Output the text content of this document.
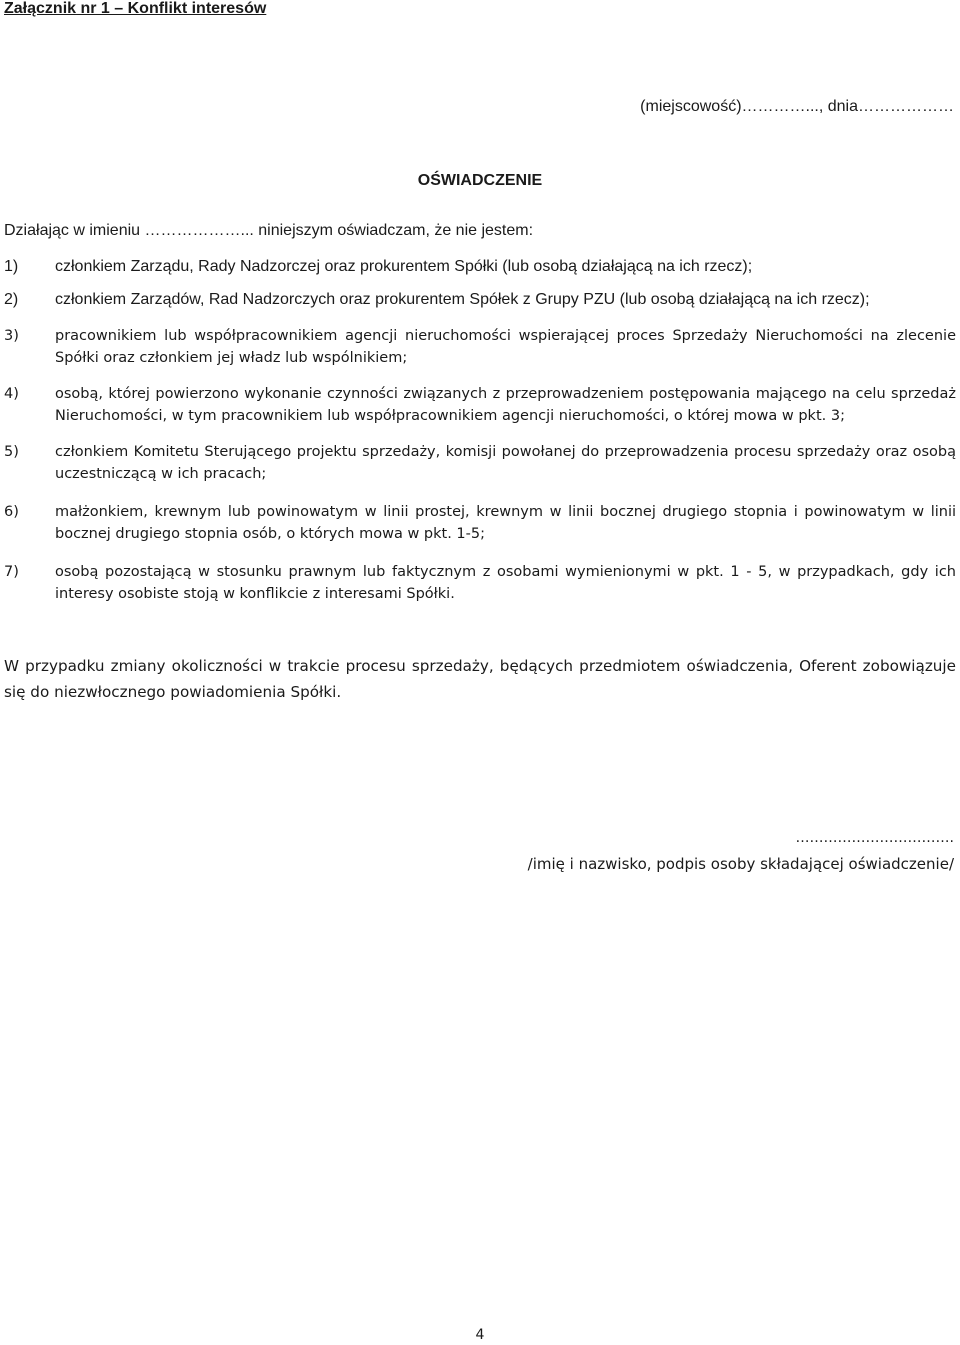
Załącznik nr 1 – Konflikt interesów
(miejscowość)…………..., dnia………………
OŚWIADCZENIE

Działając w imieniu ………………... niniejszym oświadczam, że nie jestem:

1)	członkiem Zarządu, Rady Nadzorczej oraz prokurentem Spółki (lub osobą działającą na ich rzecz);
2)	członkiem Zarządów, Rad Nadzorczych oraz prokurentem Spółek z Grupy PZU (lub osobą działającą na ich rzecz);
3)	pracownikiem lub współpracownikiem agencji nieruchomości wspierającej proces Sprzedaży Nieruchomości na zlecenie Spółki oraz członkiem jej władz lub wspólnikiem;
4)	osobą, której powierzono wykonanie czynności związanych z przeprowadzeniem postępowania mającego na celu sprzedaż Nieruchomości, w tym pracownikiem lub współpracownikiem agencji nieruchomości, o której mowa w pkt. 3;
5)	członkiem Komitetu Sterującego projektu sprzedaży, komisji powołanej do przeprowadzenia procesu sprzedaży oraz osobą uczestniczącą w ich pracach;
6)	małżonkiem, krewnym lub powinowatym w linii prostej, krewnym w linii bocznej drugiego stopnia i powinowatym w linii bocznej drugiego stopnia osób, o których mowa w pkt. 1-5;
7)	osobą pozostającą w stosunku prawnym lub faktycznym z osobami wymienionymi w pkt. 1 - 5, w przypadkach, gdy ich interesy osobiste stoją w konflikcie z interesami Spółki.

W przypadku zmiany okoliczności w trakcie procesu sprzedaży, będących przedmiotem oświadczenia, Oferent zobowiązuje się do niezwłocznego powiadomienia Spółki.

…………………………….
/imię i nazwisko, podpis osoby składającej oświadczenie/
4
